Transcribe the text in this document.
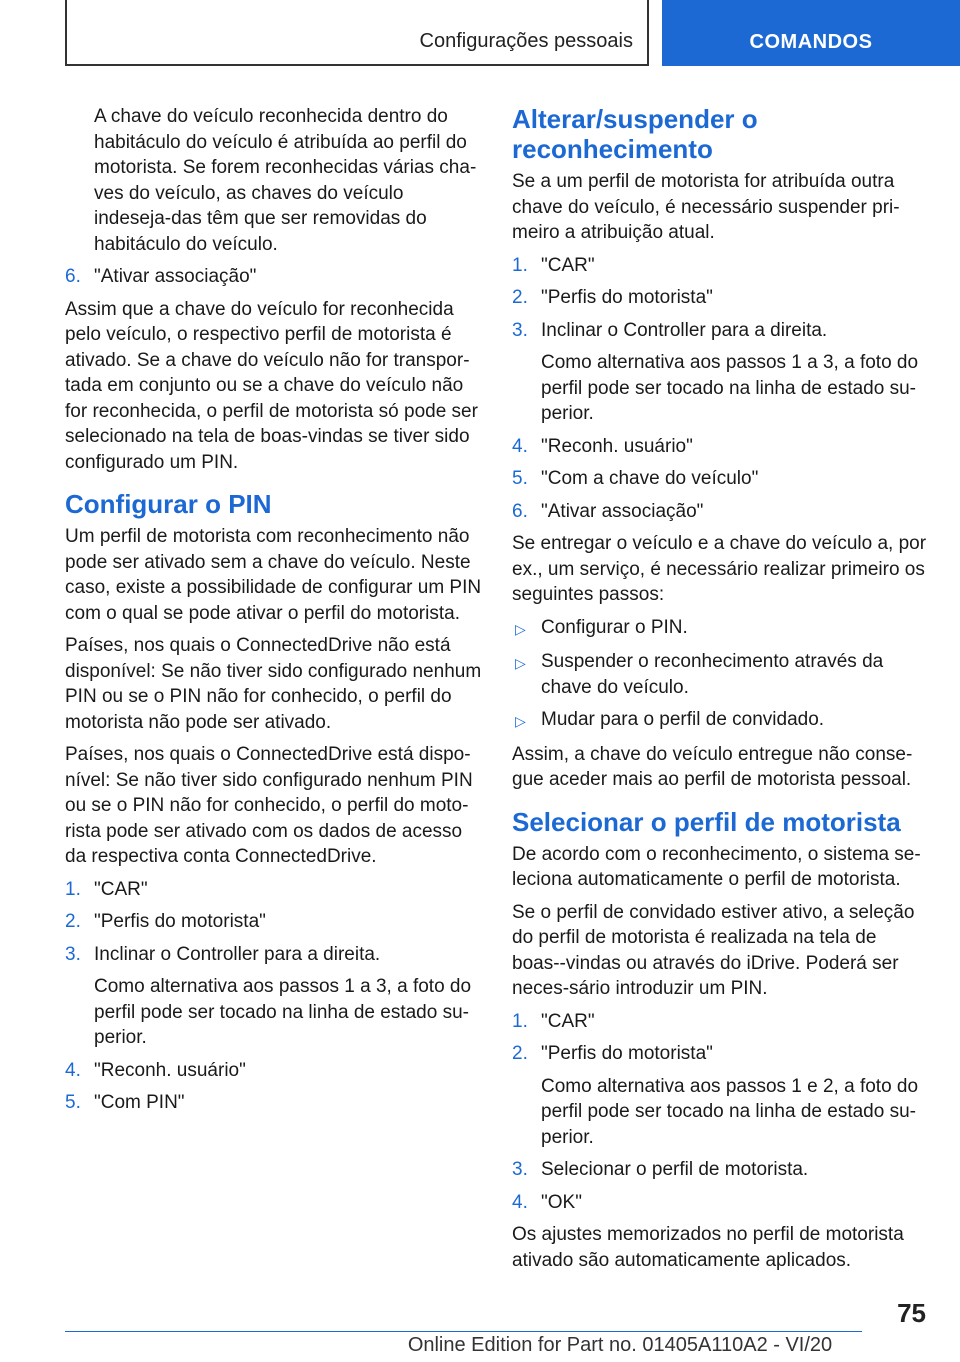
Configurações pessoais	COMANDOS

A chave do veículo reconhecida dentro do habitáculo do veículo é atribuída ao perfil do motorista. Se forem reconhecidas várias cha‐ves do veículo, as chaves do veículo indeseja‐das têm que ser removidas do habitáculo do veículo.

6. "Ativar associação"

Assim que a chave do veículo for reconhecida pelo veículo, o respectivo perfil de motorista é ativado. Se a chave do veículo não for transpor‐tada em conjunto ou se a chave do veículo não for reconhecida, o perfil de motorista só pode ser selecionado na tela de boas-vindas se tiver sido configurado um PIN.

Configurar o PIN

Um perfil de motorista com reconhecimento não pode ser ativado sem a chave do veículo. Neste caso, existe a possibilidade de configurar um PIN com o qual se pode ativar o perfil do motorista.

Países, nos quais o ConnectedDrive não está disponível: Se não tiver sido configurado nenhum PIN ou se o PIN não for conhecido, o perfil do motorista não pode ser ativado.

Países, nos quais o ConnectedDrive está dispo‐nível: Se não tiver sido configurado nenhum PIN ou se o PIN não for conhecido, o perfil do moto‐rista pode ser ativado com os dados de acesso da respectiva conta ConnectedDrive.

1. "CAR"
2. "Perfis do motorista"
3. Inclinar o Controller para a direita.

Como alternativa aos passos 1 a 3, a foto do perfil pode ser tocado na linha de estado su‐perior.

4. "Reconh. usuário"
5. "Com PIN"
Alterar/suspender o reconhecimento

Se a um perfil de motorista for atribuída outra chave do veículo, é necessário suspender pri‐meiro a atribuição atual.

1. "CAR"
2. "Perfis do motorista"
3. Inclinar o Controller para a direita.

Como alternativa aos passos 1 a 3, a foto do perfil pode ser tocado na linha de estado su‐perior.

4. "Reconh. usuário"
5. "Com a chave do veículo"
6. "Ativar associação"

Se entregar o veículo e a chave do veículo a, por ex., um serviço, é necessário realizar primeiro os seguintes passos:

▷ Configurar o PIN.
▷ Suspender o reconhecimento através da chave do veículo.
▷ Mudar para o perfil de convidado.

Assim, a chave do veículo entregue não conse‐gue aceder mais ao perfil de motorista pessoal.

Selecionar o perfil de motorista

De acordo com o reconhecimento, o sistema se‐leciona automaticamente o perfil de motorista.

Se o perfil de convidado estiver ativo, a seleção do perfil de motorista é realizada na tela de boas‐-vindas ou através do iDrive. Poderá ser neces‐sário introduzir um PIN.

1. "CAR"
2. "Perfis do motorista"

Como alternativa aos passos 1 e 2, a foto do perfil pode ser tocado na linha de estado su‐perior.

3. Selecionar o perfil de motorista.
4. "OK"

Os ajustes memorizados no perfil de motorista ativado são automaticamente aplicados.

75
Online Edition for Part no. 01405A110A2 - VI/20
